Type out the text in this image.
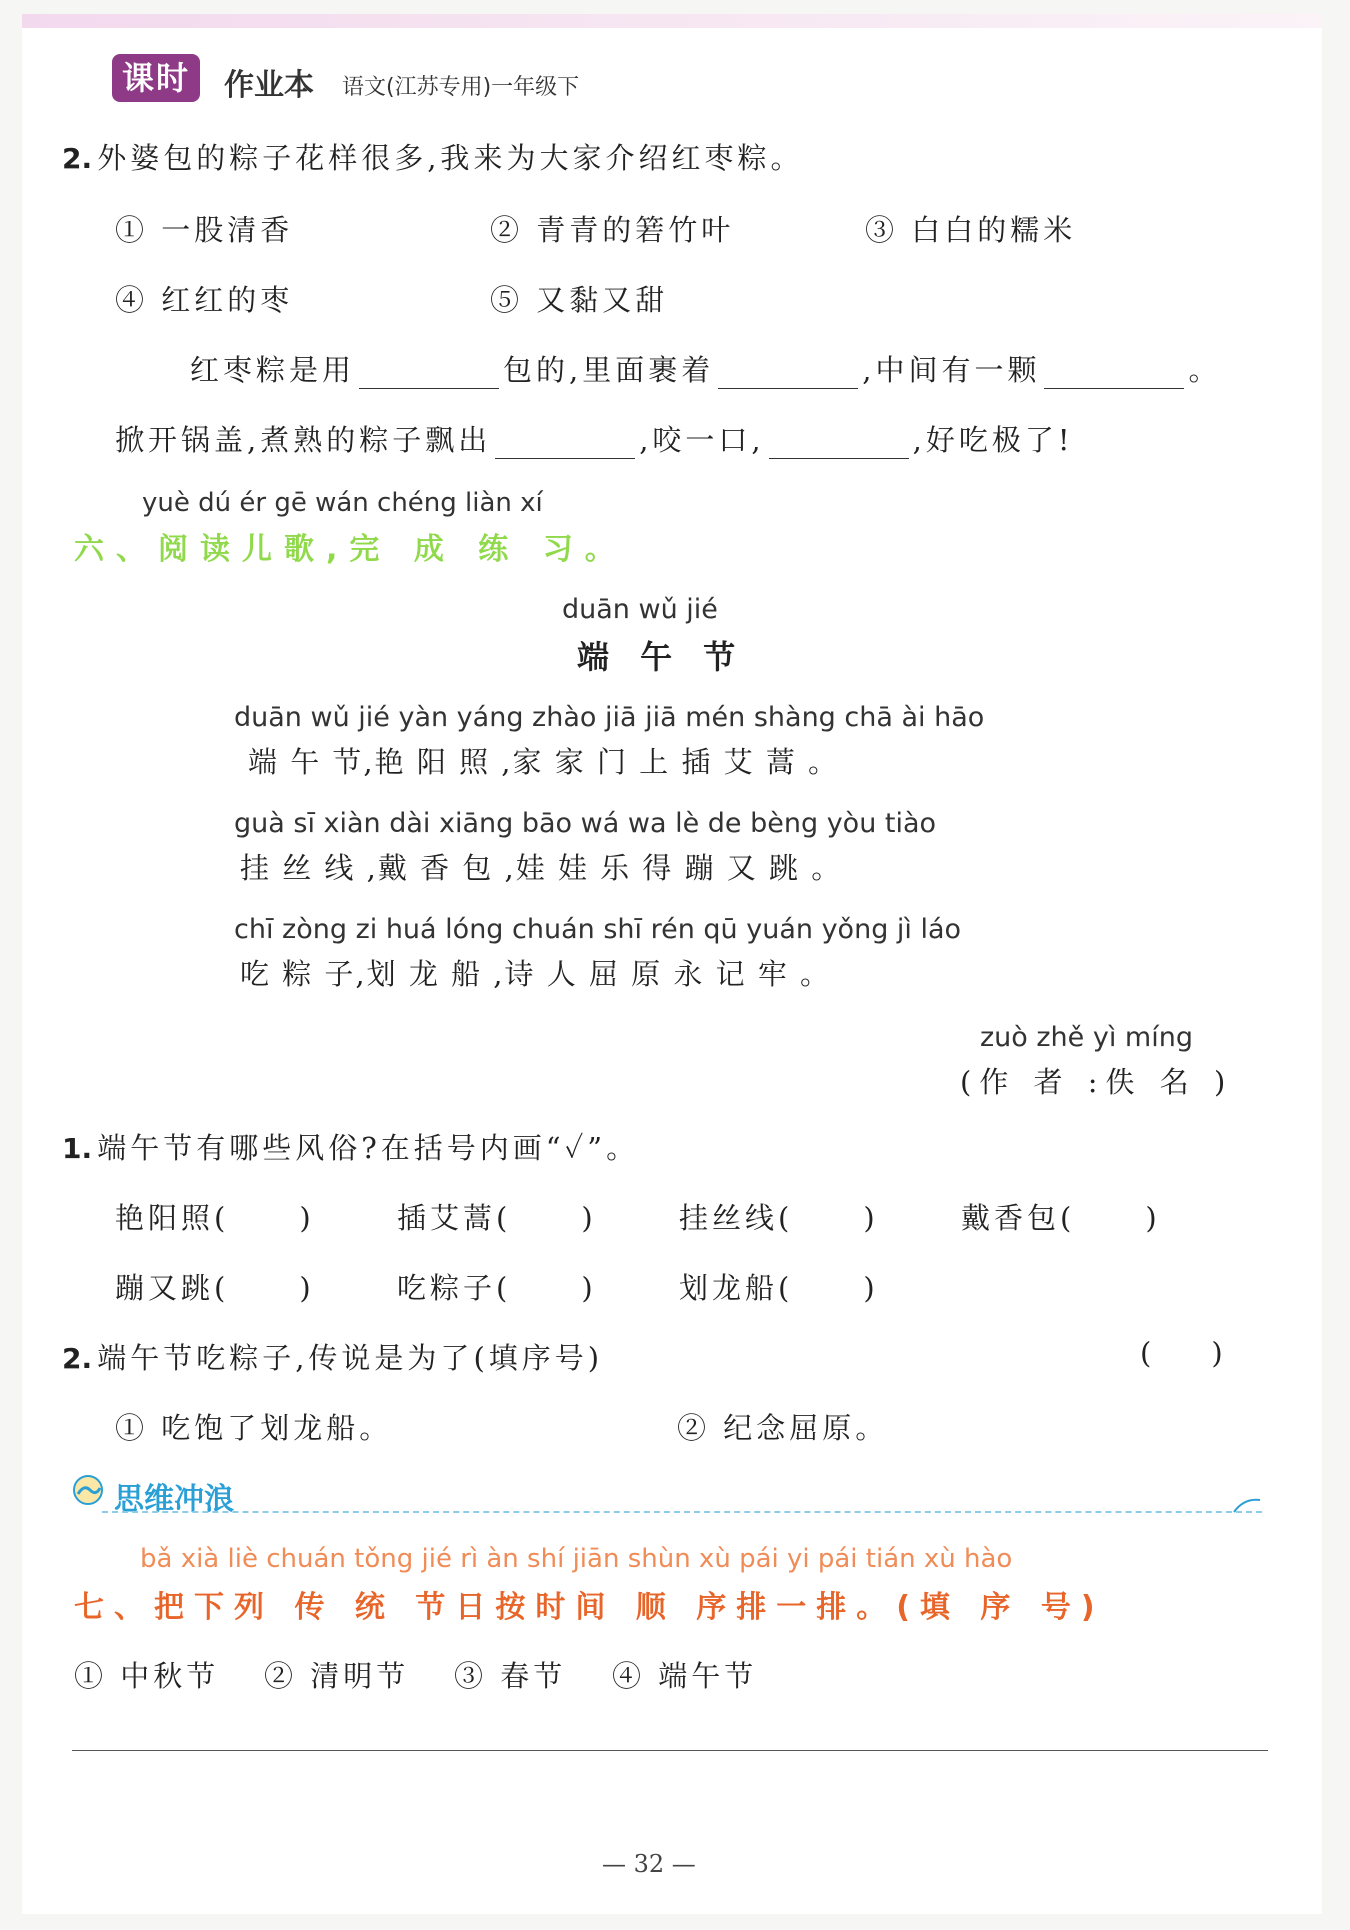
课时	作业本 语文(江苏专用)一年级下
2. 外婆包的粽子花样很多,我来为大家介绍红枣粽。
① 一股清香	② 青青的箬竹叶	③ 白白的糯米
④ 红红的枣	⑤ 又黏又甜
红枣粽是用	包的,里面裹着	,中间有一颗	。
掀开锅盖,煮熟的粽子飘出	,咬一口,	,好吃极了!
yuè dú ér gē wán chéng liàn xí
六、阅读儿歌,完 成 练 习。
duān wǔ jié
端 午 节
duān wǔ jié yàn yáng zhào jiā jiā mén shàng chā ài hāo
端 午 节,艳 阳 照 ,家 家 门 上 插 艾 蒿 。
guà sī xiàn dài xiāng bāo wá wa lè de bèng yòu tiào
挂 丝 线 ,戴 香 包 ,娃 娃 乐 得 蹦 又 跳 。
chī zòng zi huá lóng chuán shī rén qū yuán yǒng jì láo
吃 粽 子,划 龙 船 ,诗 人 屈 原 永 记 牢 。
zuò zhě yì míng
(作 者 :佚 名 )
1. 端午节有哪些风俗?在括号内画“✓”。
艳阳照( )	插艾蒿( )	挂丝线( )	戴香包( )
蹦又跳( )	吃粽子( )	划龙船( )
2. 端午节吃粽子,传说是为了(填序号)	( )
① 吃饱了划龙船。	② 纪念屈原。
思维冲浪
bǎ xià liè chuán tǒng jié rì àn shí jiān shùn xù pái yi pái tián xù hào
七、把下列 传 统 节日按时间 顺 序排一排。(填 序 号)
① 中秋节 ② 清明节 ③ 春节 ④ 端午节
— 32 —
